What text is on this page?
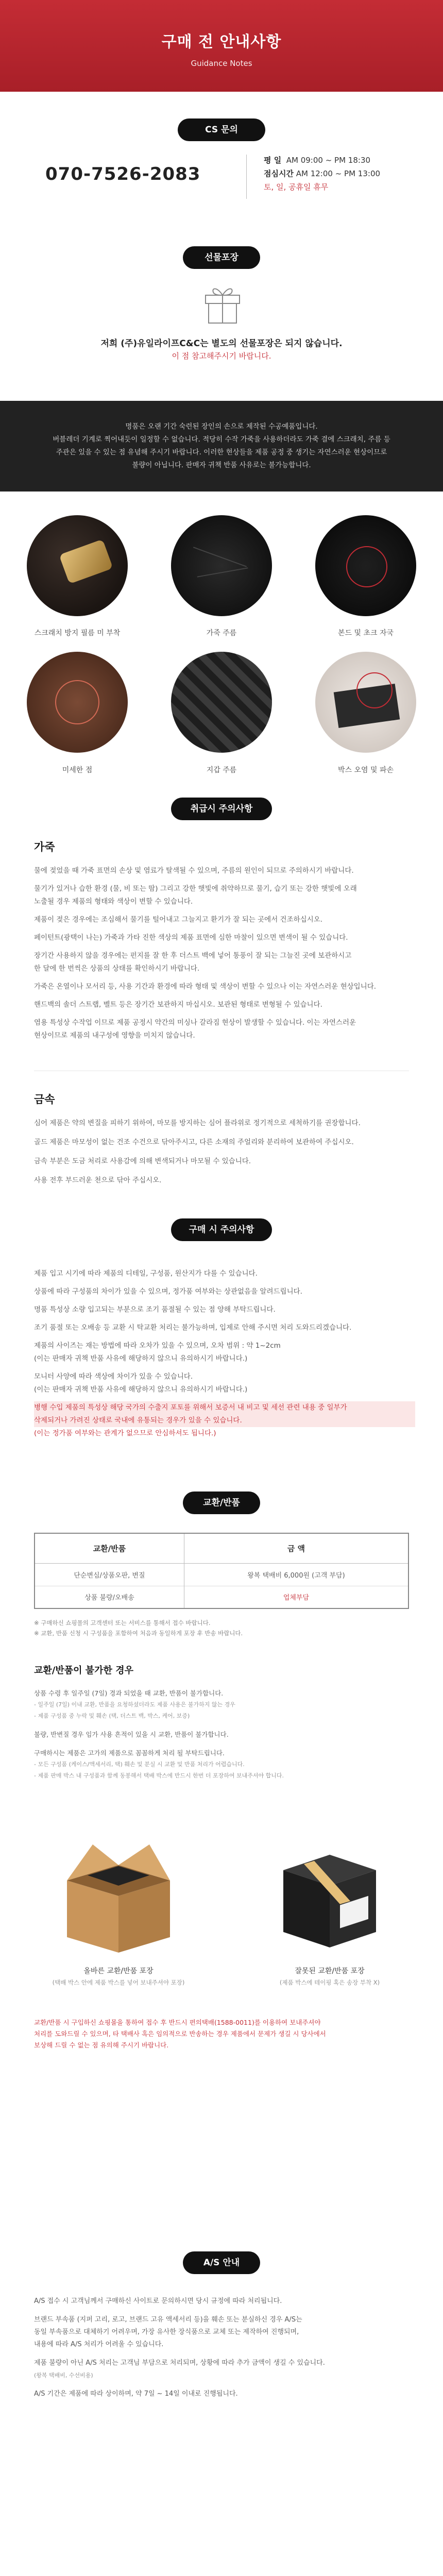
구매 전 안내사항

Guidance Notes

CS 문의
070-7526-2083
평 일 AM 09:00 ~ PM 18:30
점심시간 AM 12:00 ~ PM 13:00
토, 일, 공휴일 휴무
선물포장
저희 (주)유일라이프C&C는 별도의 선물포장은 되지 않습니다.
이 점 참고해주시기 바랍니다.
명품은 오랜 기간 숙련된 장인의 손으로 제작된 수공예품입니다.
버블레더 기계로 찍어내듯이 일정할 수 없습니다. 적당히 수작 가죽을 사용하더라도 가죽 결에 스크래치, 주름 등
주관은 있을 수 있는 점 유념해 주시기 바랍니다. 이러한 현상들을 제품 공정 중 생기는 자연스러운 현상이므로
불량이 아닙니다. 판매자 귀책 반품 사유로는 불가능합니다.
스크래치 방지 필름 미 부착	가죽 주름	본드 및 초크 자국
미세한 점	지갑 주름	박스 오염 및 파손
취급시 주의사항
가죽
물에 젖었을 때 가죽 표면의 손상 및 염료가 탈색될 수 있으며, 주름의 원인이 되므로 주의하시기 바랍니다.
물기가 있거나 습한 환경 (물, 비 또는 땀) 그리고 강한 햇빛에 취약하므로 물기, 습기 또는 강한 햇빛에 오래
노출될 경우 제품의 형태와 색상이 변할 수 있습니다.
제품이 젖은 경우에는 조심해서 물기를 털어내고 그늘지고 환기가 잘 되는 곳에서 건조하십시오.
페이턴트(광택이 나는) 가죽과 가타 진한 색상의 제품 표면에 심한 마찰이 있으면 변색이 될 수 있습니다.
장기간 사용하지 않을 경우에는 펀지를 잘 한 후 더스트 백에 넣어 통풍이 잘 되는 그늘진 곳에 보관하시고
한 달에 한 번씩은 상품의 상태를 확인하시기 바랍니다.
가죽은 온열이나 모서리 등, 사용 기간과 환경에 따라 형태 및 색상이 변할 수 있으나 이는 자연스러운 현상입니다.
핸드백의 솔더 스트랩, 벨트 등은 장기간 보관하지 마십시오. 보관된 형태로 변형될 수 있습니다.
염용 특성상 수작업 이므로 제품 공정시 약간의 미싱나 갈라짐 현상이 발생할 수 있습니다. 이는 자연스러운
현상이므로 제품의 내구성에 영향을 미치지 않습니다.
금속
심어 제품은 약의 변질을 피하기 위하여, 마모를 방지하는 심어 플라위로 정기적으로 세척하기를 권장합니다.
골드 제품은 마모성이 없는 건조 수건으로 닦아주시고, 다른 소재의 주얼리와 분리하여 보관하여 주십시오.
금속 부분은 도금 처리로 사용감에 의해 변색되거나 마모될 수 있습니다.
사용 전후 부드러운 천으로 닦아 주십시오.
구매 시 주의사항
제품 입고 시기에 따라 제품의 디테일, 구성품, 원산지가 다를 수 있습니다.
상품에 따라 구성품의 차이가 있을 수 있으며, 정가품 여부와는 상관없음을 알려드립니다.
명품 특성상 소량 입고되는 부분으로 조기 품절될 수 있는 점 양해 부탁드립니다.
조기 품절 또는 오배송 등 교환 시 탁교환 처리는 불가능하며, 입제로 안해 주시면 처리 도와드리겠습니다.
제품의 사이즈는 재는 방법에 따라 오차가 있을 수 있으며, 오차 범위 : 약 1~2cm
(이는 판매자 귀책 반품 사유에 해당하지 않으니 유의하시기 바랍니다.)
모니터 사양에 따라 색상에 차이가 있을 수 있습니다.
(이는 판매자 귀책 반품 사유에 해당하지 않으니 유의하시기 바랍니다.)
병행 수입 제품의 특성상 해당 국가의 수출지 포토를 위해서 보증서 내 비고 및 세선 관련 내용 중 일부가
삭제되거나 가려진 상태로 국내에 유통되는 경우가 있을 수 있습니다.
(이는 정가품 여부와는 관계가 없으므로 안심하셔도 됩니다.)
교환/반품
교환/반품	금 액
단순변심/상품오판, 변질	왕복 택배비 6,000원 (고객 부담)
상품 불량/오배송	업체부담
※ 구매하신 쇼핑몰의 고객센터 또는 서비스를 통해서 접수 바랍니다.
※ 교환, 반품 신청 시 구성품을 포함하여 처음과 동일하게 포장 후 반송 바랍니다.
교환/반품이 불가한 경우
상품 수령 후 일주일 (7일) 경과 되었을 때 교환, 반품이 불가합니다.
- 일주일 (7일) 이내 교환, 반품을 요청하셨더라도 제품 사용은 불가하지 않는 경우
- 제품 구성품 중 누락 및 훼손 (택, 더스트 백, 박스, 케어, 보증)
불량, 반변질 경우 임가 사용 흔적이 있을 시 교환, 반품이 불가합니다.
구매하시는 제품은 고가의 제품으로 꼼꼼하게 처리 될 부탁드립니다.
- 모든 구성품 (케이스/액세서리, 택) 훼손 및 분실 시 교환 및 반품 처리가 어렵습니다.
- 제품 판매 박스 내 구성품과 함께 동봉해서 택배 박스에 반드시 한번 더 포장하여 보내주셔야 합니다.
올바른 교환/반품 포장
(택배 박스 안에 제품 박스를 넣어 보내주셔야 포장)
잘못된 교환/반품 포장
(제품 박스에 테이핑 혹은 송장 부착 X)
교환/반품 시 구입하신 쇼핑몰을 통하여 접수 후 반드시 편의택배(1588-0011)를 이용하여 보내주셔야
처리를 도와드릴 수 있으며, 타 택배사 혹은 임의적으로 반송하는 경우 제품에서 문제가 생길 시 당사에서
보상해 드릴 수 없는 점 유의해 주시기 바랍니다.
A/S 안내
A/S 접수 시 고객님께서 구매하신 사이트로 문의하시면 당시 규정에 따라 처리됩니다.
브랜드 부속품 (지퍼 고리, 로고, 브랜드 고유 액세서리 등)을 훼손 또는 분실하신 경우 A/S는
동일 부속품으로 대체하기 어려우며, 가장 유사한 장식품으로 교체 또는 제작하여 진행되며,
내용에 따라 A/S 처리가 어려울 수 있습니다.
제품 불량이 아닌 A/S 처리는 고객님 부담으로 처리되며, 상황에 따라 추가 금액이 생길 수 있습니다.
(왕복 택배비, 수선비용)
A/S 기간은 제품에 따라 상이하며, 약 7일 ~ 14일 이내로 진행됩니다.
